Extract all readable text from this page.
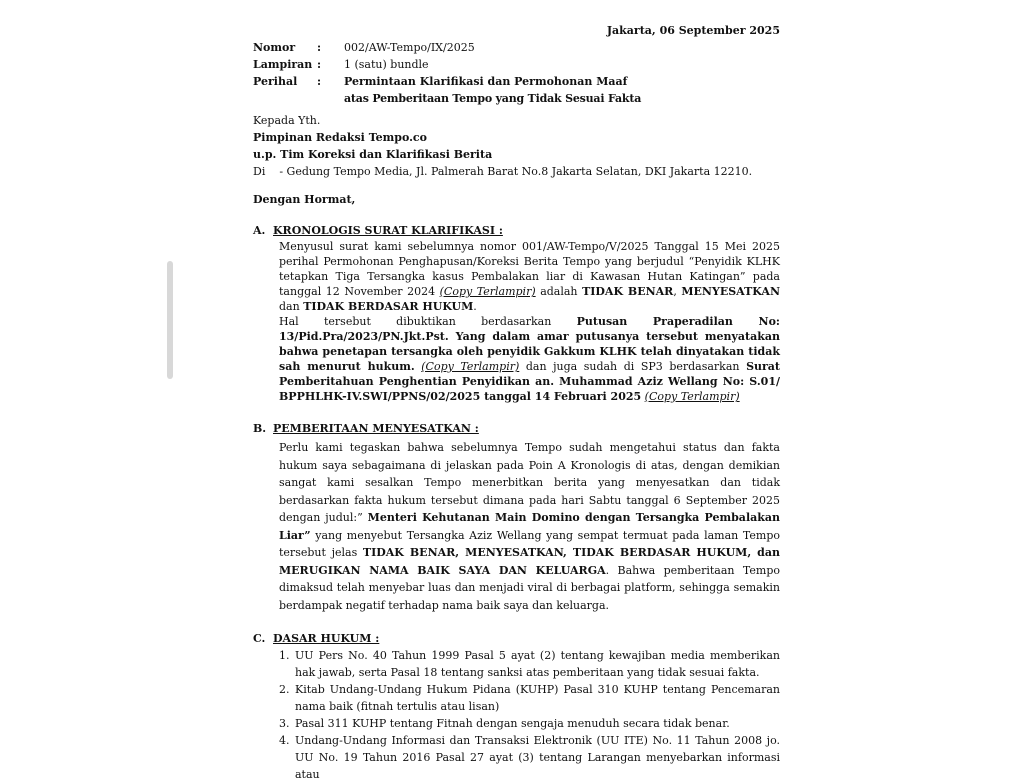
Jakarta, 06 September 2025
Nomor	:	002/AW-Tempo/IX/2025
Lampiran :	1 (satu) bundle
Perihal	:	Permintaan Klarifikasi dan Permohonan Maaf
atas Pemberitaan Tempo yang Tidak Sesuai Fakta
Kepada Yth.
Pimpinan Redaksi Tempo.co
u.p. Tim Koreksi dan Klarifikasi Berita
Di    - Gedung Tempo Media, Jl. Palmerah Barat No.8 Jakarta Selatan, DKI Jakarta 12210.
Dengan Hormat,
A. KRONOLOGIS SURAT KLARIFIKASI :
Menyusul surat kami sebelumnya nomor 001/AW-Tempo/V/2025 Tanggal 15 Mei 2025 perihal Permohonan Penghapusan/Koreksi Berita Tempo yang berjudul “Penyidik KLHK tetapkan Tiga Tersangka kasus Pembalakan liar di Kawasan Hutan Katingan” pada tanggal 12 November 2024 (Copy Terlampir) adalah TIDAK BENAR, MENYESATKAN dan TIDAK BERDASAR HUKUM.
Hal tersebut dibuktikan berdasarkan Putusan Praperadilan No: 13/Pid.Pra/2023/PN.Jkt.Pst. Yang dalam amar putusanya tersebut menyatakan bahwa penetapan tersangka oleh penyidik Gakkum KLHK telah dinyatakan tidak sah menurut hukum. (Copy Terlampir) dan juga sudah di SP3 berdasarkan Surat Pemberitahuan Penghentian Penyidikan an. Muhammad Aziz Wellang No: S.01/ BPPHLHK-IV.SWI/PPNS/02/2025 tanggal 14 Februari 2025 (Copy Terlampir)
B. PEMBERITAAN MENYESATKAN :
Perlu kami tegaskan bahwa sebelumnya Tempo sudah mengetahui status dan fakta hukum saya sebagaimana di jelaskan pada Poin A Kronologis di atas, dengan demikian sangat kami sesalkan Tempo menerbitkan berita yang menyesatkan dan tidak berdasarkan fakta hukum tersebut dimana pada hari Sabtu tanggal 6 September 2025 dengan judul:” Menteri Kehutanan Main Domino dengan Tersangka Pembalakan Liar” yang menyebut Tersangka Aziz Wellang yang sempat termuat pada laman Tempo tersebut jelas TIDAK BENAR, MENYESATKAN, TIDAK BERDASAR HUKUM, dan MERUGIKAN NAMA BAIK SAYA DAN KELUARGA. Bahwa pemberitaan Tempo dimaksud telah menyebar luas dan menjadi viral di berbagai platform, sehingga semakin berdampak negatif terhadap nama baik saya dan keluarga.
C. DASAR HUKUM :
1. UU Pers No. 40 Tahun 1999 Pasal 5 ayat (2) tentang kewajiban media memberikan hak jawab, serta Pasal 18 tentang sanksi atas pemberitaan yang tidak sesuai fakta.
2. Kitab Undang-Undang Hukum Pidana (KUHP) Pasal 310 KUHP tentang Pencemaran nama baik (fitnah tertulis atau lisan)
3. Pasal 311 KUHP tentang Fitnah dengan sengaja menuduh secara tidak benar.
4. Undang-Undang Informasi dan Transaksi Elektronik (UU ITE) No. 11 Tahun 2008 jo. UU No. 19 Tahun 2016 Pasal 27 ayat (3) tentang Larangan menyebarkan informasi atau
